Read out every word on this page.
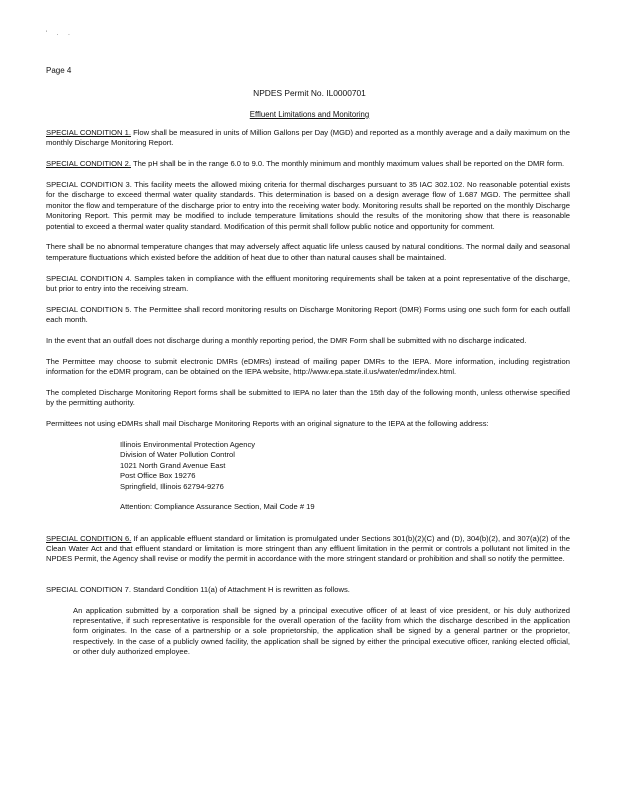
' . .
Page 4
NPDES Permit No. IL0000701
Effluent Limitations and Monitoring

SPECIAL CONDITION 1. Flow shall be measured in units of Million Gallons per Day (MGD) and reported as a monthly average and a daily maximum on the monthly Discharge Monitoring Report.

SPECIAL CONDITION 2. The pH shall be in the range 6.0 to 9.0. The monthly minimum and monthly maximum values shall be reported on the DMR form.

SPECIAL CONDITION 3. This facility meets the allowed mixing criteria for thermal discharges pursuant to 35 IAC 302.102. No reasonable potential exists for the discharge to exceed thermal water quality standards. This determination is based on a design average flow of 1.687 MGD. The permittee shall monitor the flow and temperature of the discharge prior to entry into the receiving water body. Monitoring results shall be reported on the monthly Discharge Monitoring Report. This permit may be modified to include temperature limitations should the results of the monitoring show that there is reasonable potential to exceed a thermal water quality standard. Modification of this permit shall follow public notice and opportunity for comment.

There shall be no abnormal temperature changes that may adversely affect aquatic life unless caused by natural conditions. The normal daily and seasonal temperature fluctuations which existed before the addition of heat due to other than natural causes shall be maintained.

SPECIAL CONDITION 4. Samples taken in compliance with the effluent monitoring requirements shall be taken at a point representative of the discharge, but prior to entry into the receiving stream.

SPECIAL CONDITION 5. The Permittee shall record monitoring results on Discharge Monitoring Report (DMR) Forms using one such form for each outfall each month.

In the event that an outfall does not discharge during a monthly reporting period, the DMR Form shall be submitted with no discharge indicated.

The Permittee may choose to submit electronic DMRs (eDMRs) instead of mailing paper DMRs to the IEPA. More information, including registration information for the eDMR program, can be obtained on the IEPA website, http://www.epa.state.il.us/water/edmr/index.html.

The completed Discharge Monitoring Report forms shall be submitted to IEPA no later than the 15th day of the following month, unless otherwise specified by the permitting authority.

Permittees not using eDMRs shall mail Discharge Monitoring Reports with an original signature to the IEPA at the following address:

Illinois Environmental Protection Agency
Division of Water Pollution Control
1021 North Grand Avenue East
Post Office Box 19276
Springfield, Illinois 62794-9276
Attention: Compliance Assurance Section, Mail Code # 19

SPECIAL CONDITION 6. If an applicable effluent standard or limitation is promulgated under Sections 301(b)(2)(C) and (D), 304(b)(2), and 307(a)(2) of the Clean Water Act and that effluent standard or limitation is more stringent than any effluent limitation in the permit or controls a pollutant not limited in the NPDES Permit, the Agency shall revise or modify the permit in accordance with the more stringent standard or prohibition and shall so notify the permittee.

SPECIAL CONDITION 7. Standard Condition 11(a) of Attachment H is rewritten as follows.

An application submitted by a corporation shall be signed by a principal executive officer of at least of vice president, or his duly authorized representative, if such representative is responsible for the overall operation of the facility from which the discharge described in the application form originates. In the case of a partnership or a sole proprietorship, the application shall be signed by a general partner or the proprietor, respectively. In the case of a publicly owned facility, the application shall be signed by either the principal executive officer, ranking elected official, or other duly authorized employee.
